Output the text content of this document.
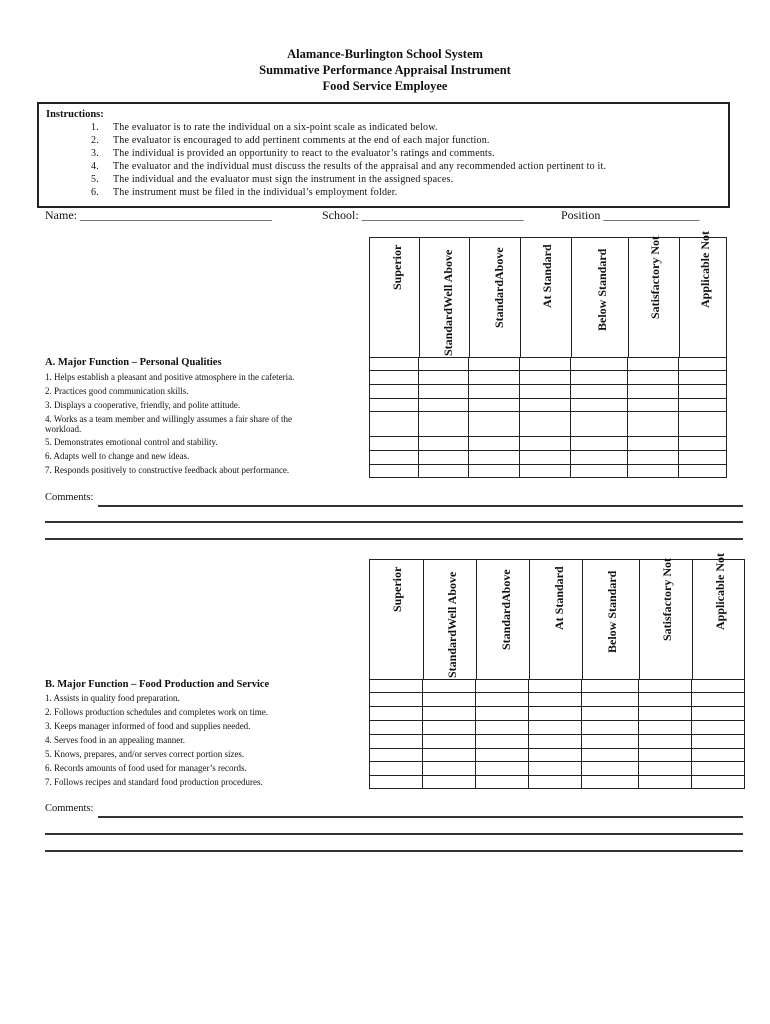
Alamance-Burlington School System
Summative Performance Appraisal Instrument
Food Service Employee
Instructions:
1. The evaluator is to rate the individual on a six-point scale as indicated below.
2. The evaluator is encouraged to add pertinent comments at the end of each major function.
3. The individual is provided an opportunity to react to the evaluator’s ratings and comments.
4. The evaluator and the individual must discuss the results of the appraisal and any recommended action pertinent to it.
5. The individual and the evaluator must sign the instrument in the assigned spaces.
6. The instrument must be filed in the individual’s employment folder.
Name: ________________________________	School: ___________________________	Position ________________
Superior	StandardWell Above	StandardAbove	At Standard	Below Standard	Satisfactory Not	Applicable Not
A. Major Function – Personal Qualities
1. Helps establish a pleasant and positive atmosphere in the cafeteria.
2. Practices good communication skills.
3. Displays a cooperative, friendly, and polite attitude.
4. Works as a team member and willingly assumes a fair share of the
workload.
5. Demonstrates emotional control and stability.
6. Adapts well to change and new ideas.
7. Responds positively to constructive feedback about performance.
Comments:
Superior	StandardWell Above	StandardAbove	At Standard	Below Standard	Satisfactory Not	Applicable Not
B. Major Function – Food Production and Service
1. Assists in quality food preparation.
2. Follows production schedules and completes work on time.
3. Keeps manager informed of food and supplies needed.
4. Serves food in an appealing manner.
5. Knows, prepares, and/or serves correct portion sizes.
6. Records amounts of food used for manager’s records.
7. Follows recipes and standard food production procedures.
Comments:
